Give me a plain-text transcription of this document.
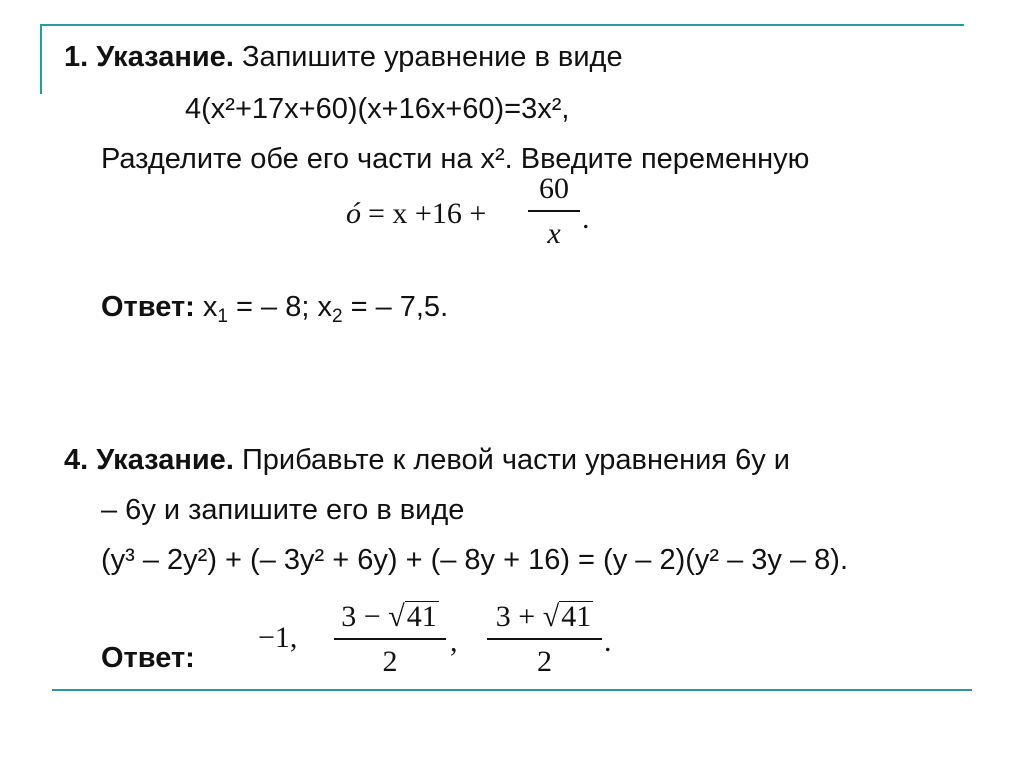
1. Указание. Запишите уравнение в виде
4(x²+17x+60)(x+16x+60)=3x²,
Разделите обе его части на x². Введите переменную
ó = x +16 +
60
x .
Ответ: $x_1$ = – 8; $x_2$ = – 7,5.
4. Указание. Прибавьте к левой части уравнения 6y и
– 6y и запишите его в виде
(y³ – 2y²) + (– 3y² + 6y) + (– 8y + 16) = (y – 2)(y² – 3y – 8).
Ответ:
−1,
3 − √41
2
,
3 + √41
2
.
